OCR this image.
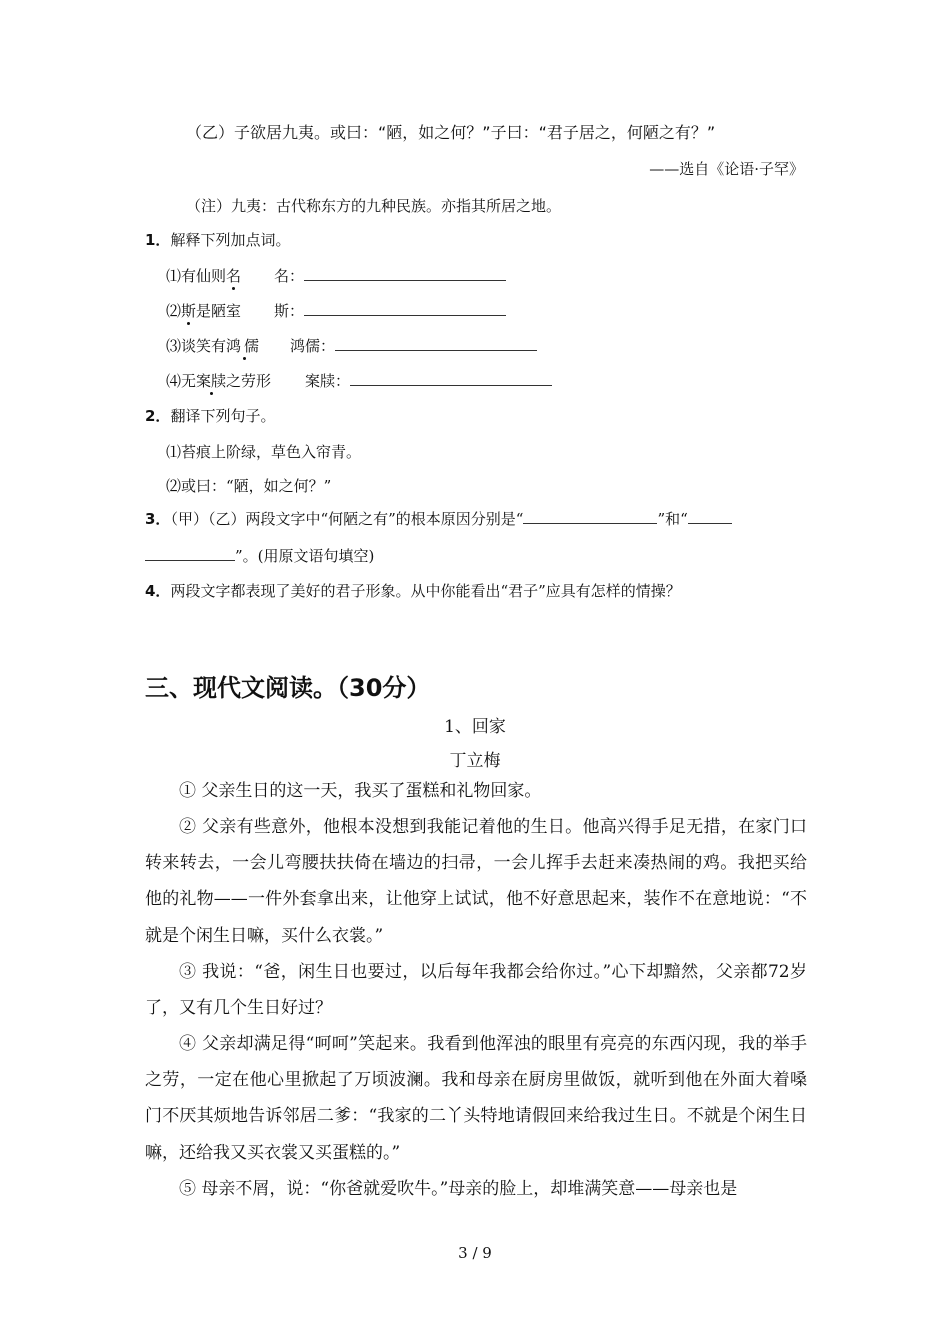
（乙）子欲居九夷。或曰：“陋，如之何？”子曰：“君子居之，何陋之有？”
——选自《论语·子罕》
（注）九夷：古代称东方的九种民族。亦指其所居之地。
1．解释下列加点词。
⑴有仙则名 名：
⑵斯是陋室 斯：
⑶谈笑有鸿儒 鸿儒：
⑷无案牍之劳形 案牍：
2．翻译下列句子。
⑴苔痕上阶绿，草色入帘青。
⑵或曰：“陋，如之何？”
3．（甲）（乙）两段文字中“何陋之有”的根本原因分别是“	”和“
”。(用原文语句填空)
4．两段文字都表现了美好的君子形象。从中你能看出“君子”应具有怎样的情操？
三、现代文阅读。（30分）
1、回家
丁立梅
① 父亲生日的这一天，我买了蛋糕和礼物回家。
② 父亲有些意外，他根本没想到我能记着他的生日。他高兴得手足无措，在家门口转来转去，一会儿弯腰扶扶倚在墙边的扫帚，一会儿挥手去赶来凑热闹的鸡。我把买给他的礼物——一件外套拿出来，让他穿上试试，他不好意思起来，装作不在意地说：“不就是个闲生日嘛，买什么衣裳。”
③ 我说：“爸，闲生日也要过，以后每年我都会给你过。”心下却黯然，父亲都72岁了，又有几个生日好过？
④ 父亲却满足得“呵呵”笑起来。我看到他浑浊的眼里有亮亮的东西闪现，我的举手之劳，一定在他心里掀起了万顷波澜。我和母亲在厨房里做饭，就听到他在外面大着嗓门不厌其烦地告诉邻居二爹：“我家的二丫头特地请假回来给我过生日。不就是个闲生日嘛，还给我又买衣裳又买蛋糕的。”
⑤ 母亲不屑，说：“你爸就爱吹牛。”母亲的脸上，却堆满笑意——母亲也是
3 / 9
